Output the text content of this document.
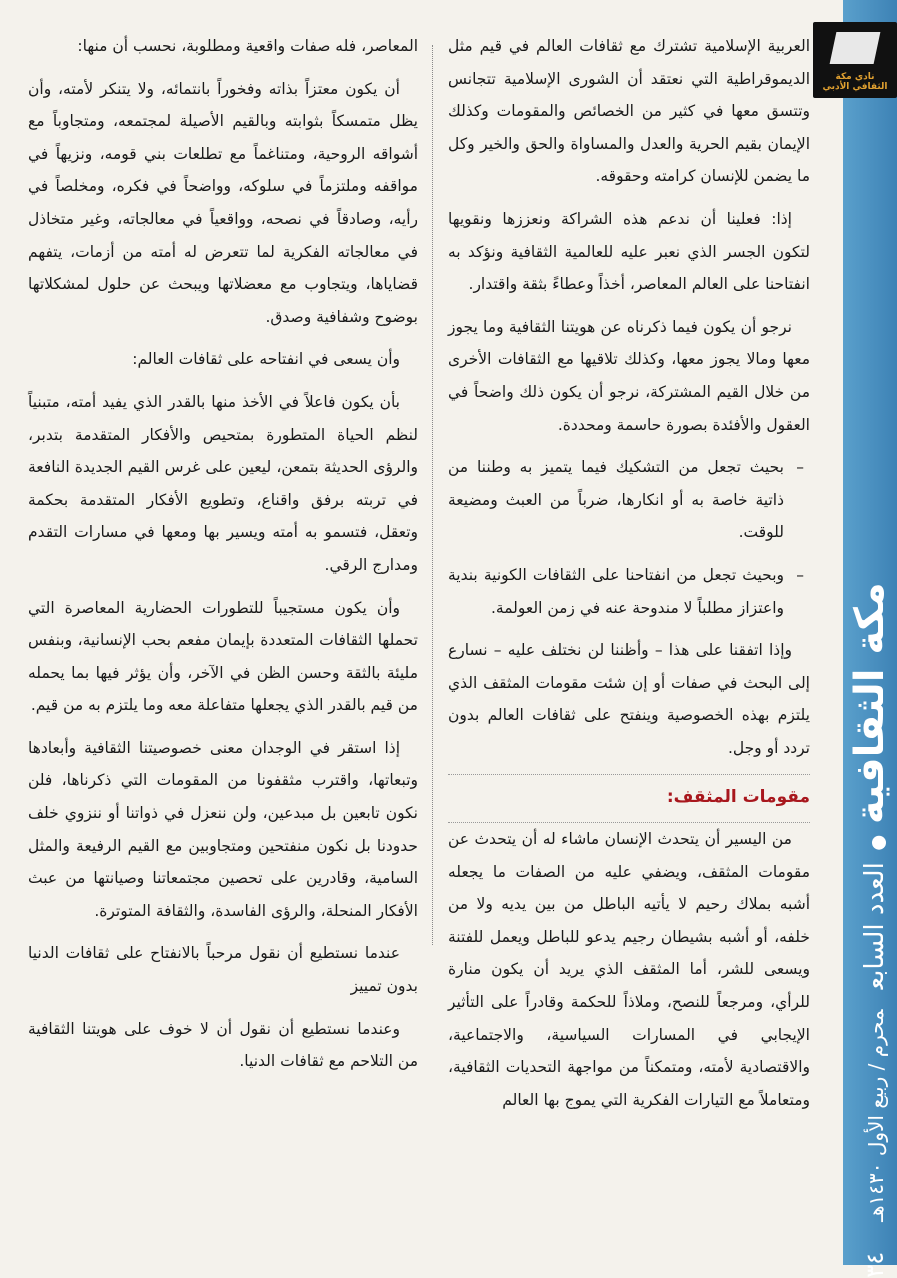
نادي مكة الثقافي الأدبي
مكة الثقافيةالعدد السابعمحرم / ربيع الأول ١٤٣٠هـ٣٤

العربية الإسلامية تشترك مع ثقافات العالم في قيم مثل الديموقراطية التي نعتقد أن الشورى الإسلامية تتجانس وتتسق معها في كثير من الخصائص والمقومات وكذلك الإيمان بقيم الحرية والعدل والمساواة والحق والخير وكل ما يضمن للإنسان كرامته وحقوقه.

إذا: فعلينا أن ندعم هذه الشراكة ونعززها ونقويها لتكون الجسر الذي نعبر عليه للعالمية الثقافية ونؤكد به انفتاحنا على العالم المعاصر، أخذاً وعطاءً بثقة واقتدار.

نرجو أن يكون فيما ذكرناه عن هويتنا الثقافية وما يجوز معها ومالا يجوز معها، وكذلك تلاقيها مع الثقافات الأخرى من خلال القيم المشتركة، نرجو أن يكون ذلك واضحاً في العقول والأفئدة بصورة حاسمة ومحددة.

– بحيث تجعل من التشكيك فيما يتميز به وطننا من ذاتية خاصة به أو انكارها، ضرباً من العبث ومضيعة للوقت.

– وبحيث تجعل من انفتاحنا على الثقافات الكونية بندية واعتزاز مطلباً لا مندوحة عنه في زمن العولمة.

وإذا اتفقنا على هذا – وأظننا لن نختلف عليه – نسارع إلى البحث في صفات أو إن شئت مقومات المثقف الذي يلتزم بهذه الخصوصية وينفتح على ثقافات العالم بدون تردد أو وجل.

مقومات المثقف:

من اليسير أن يتحدث الإنسان ماشاء له أن يتحدث عن مقومات المثقف، ويضفي عليه من الصفات ما يجعله أشبه بملاك رحيم لا يأتيه الباطل من بين يديه ولا من خلفه، أو أشبه بشيطان رجيم يدعو للباطل ويعمل للفتنة ويسعى للشر، أما المثقف الذي يريد أن يكون منارة للرأي، ومرجعاً للنصح، وملاذاً للحكمة وقادراً على التأثير الإيجابي في المسارات السياسية، والاجتماعية، والاقتصادية لأمته، ومتمكناً من مواجهة التحديات الثقافية، ومتعاملاً مع التيارات الفكرية التي يموج بها العالم

المعاصر، فله صفات واقعية ومطلوبة، نحسب أن منها:

أن يكون معتزاً بذاته وفخوراً بانتمائه، ولا يتنكر لأمته، وأن يظل متمسكاً بثوابته وبالقيم الأصيلة لمجتمعه، ومتجاوباً مع أشواقه الروحية، ومتناغماً مع تطلعات بني قومه، ونزيهاً في مواقفه وملتزماً في سلوكه، وواضحاً في فكره، ومخلصاً في رأيه، وصادقاً في نصحه، وواقعياً في معالجاته، وغير متخاذل في معالجاته الفكرية لما تتعرض له أمته من أزمات، يتفهم قضاياها، ويتجاوب مع معضلاتها ويبحث عن حلول لمشكلاتها بوضوح وشفافية وصدق.

وأن يسعى في انفتاحه على ثقافات العالم:

بأن يكون فاعلاً في الأخذ منها بالقدر الذي يفيد أمته، متبنياً لنظم الحياة المتطورة بمتحيص والأفكار المتقدمة بتدبر، والرؤى الحديثة بتمعن، ليعين على غرس القيم الجديدة النافعة في تربته برفق واقناع، وتطويع الأفكار المتقدمة بحكمة وتعقل، فتسمو به أمته ويسير بها ومعها في مسارات التقدم ومدارج الرقي.

وأن يكون مستجيباً للتطورات الحضارية المعاصرة التي تحملها الثقافات المتعددة بإيمان مفعم بحب الإنسانية، وبنفس مليئة بالثقة وحسن الظن في الآخر، وأن يؤثر فيها بما يحمله من قيم بالقدر الذي يجعلها متفاعلة معه وما يلتزم به من قيم.

إذا استقر في الوجدان معنى خصوصيتنا الثقافية وأبعادها وتبعاتها، واقترب مثقفونا من المقومات التي ذكرناها، فلن نكون تابعين بل مبدعين، ولن ننعزل في ذواتنا أو ننزوي خلف حدودنا بل نكون منفتحين ومتجاوبين مع القيم الرفيعة والمثل السامية، وقادرين على تحصين مجتمعاتنا وصيانتها من عبث الأفكار المنحلة، والرؤى الفاسدة، والثقافة المتوترة.

عندما نستطيع أن نقول مرحباً بالانفتاح على ثقافات الدنيا بدون تمييز

وعندما نستطيع أن نقول أن لا خوف على هويتنا الثقافية من التلاحم مع ثقافات الدنيا.
